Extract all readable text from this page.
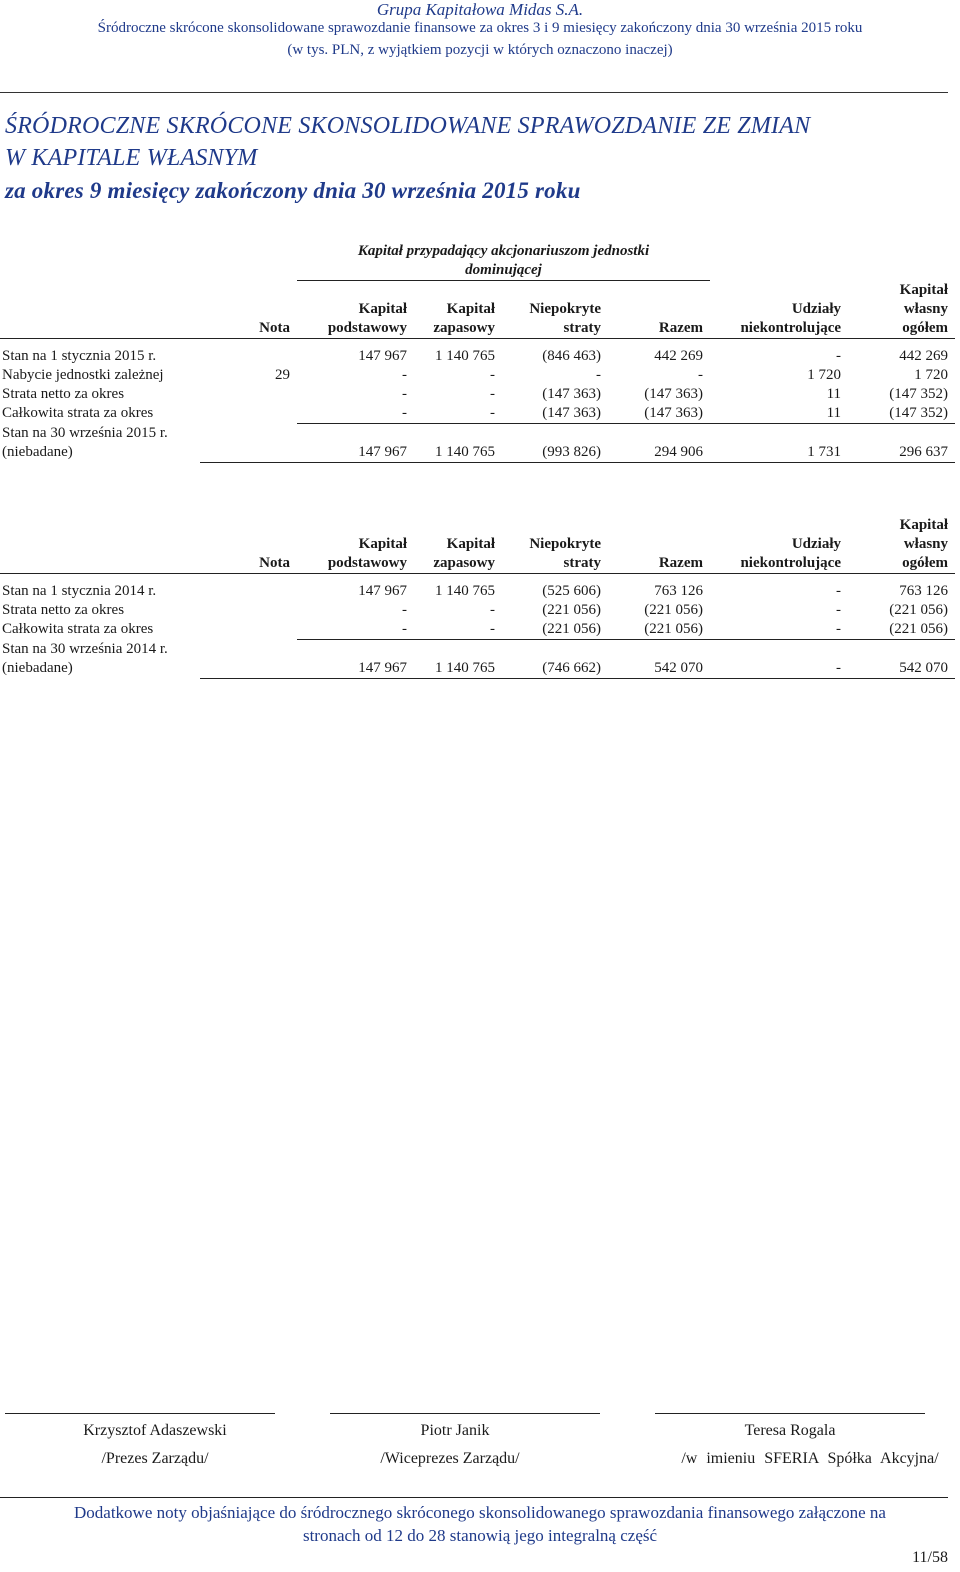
Grupa Kapitałowa Midas S.A.
Śródroczne skrócone skonsolidowane sprawozdanie finansowe za okres 3 i 9 miesięcy zakończony dnia 30 września 2015 roku
(w tys. PLN, z wyjątkiem pozycji w których oznaczono inaczej)
ŚRÓDROCZNE SKRÓCONE SKONSOLIDOWANE SPRAWOZDANIE ZE ZMIAN
W KAPITALE WŁASNYM
za okres 9 miesięcy zakończony dnia 30 września 2015 roku
		Kapitał przypadający akcjonariuszom jednostki dominującej					
							Kapitał
		Kapitał	Kapitał	Niepokryte		Udziały	własny
	Nota	podstawowy	zapasowy	straty	Razem	niekontrolujące	ogółem

Stan na 1 stycznia 2015 r.		147 967	1 140 765	(846 463)	442 269	-	442 269
Nabycie jednostki zależnej	29	-	-	-	-	1 720	1 720
Strata netto za okres		-	-	(147 363)	(147 363)	11	(147 352)
Całkowita strata za okres		-	-	(147 363)	(147 363)	11	(147 352)
Stan na 30 września 2015 r.							
(niebadane)		147 967	1 140 765	(993 826)	294 906	1 731	296 637
							Kapitał
		Kapitał	Kapitał	Niepokryte		Udziały	własny
	Nota	podstawowy	zapasowy	straty	Razem	niekontrolujące	ogółem

Stan na 1 stycznia 2014 r.		147 967	1 140 765	(525 606)	763 126	-	763 126
Strata netto za okres		-	-	(221 056)	(221 056)	-	(221 056)
Całkowita strata za okres		-	-	(221 056)	(221 056)	-	(221 056)
Stan na 30 września 2014 r.							
(niebadane)		147 967	1 140 765	(746 662)	542 070	-	542 070
Krzysztof Adaszewski	Piotr Janik	Teresa Rogala
/Prezes Zarządu/	/Wiceprezes Zarządu/	/w imieniu SFERIA Spółka Akcyjna/
Dodatkowe noty objaśniające do śródrocznego skróconego skonsolidowanego sprawozdania finansowego załączone na
stronach od 12 do 28 stanowią jego integralną część
11/58
